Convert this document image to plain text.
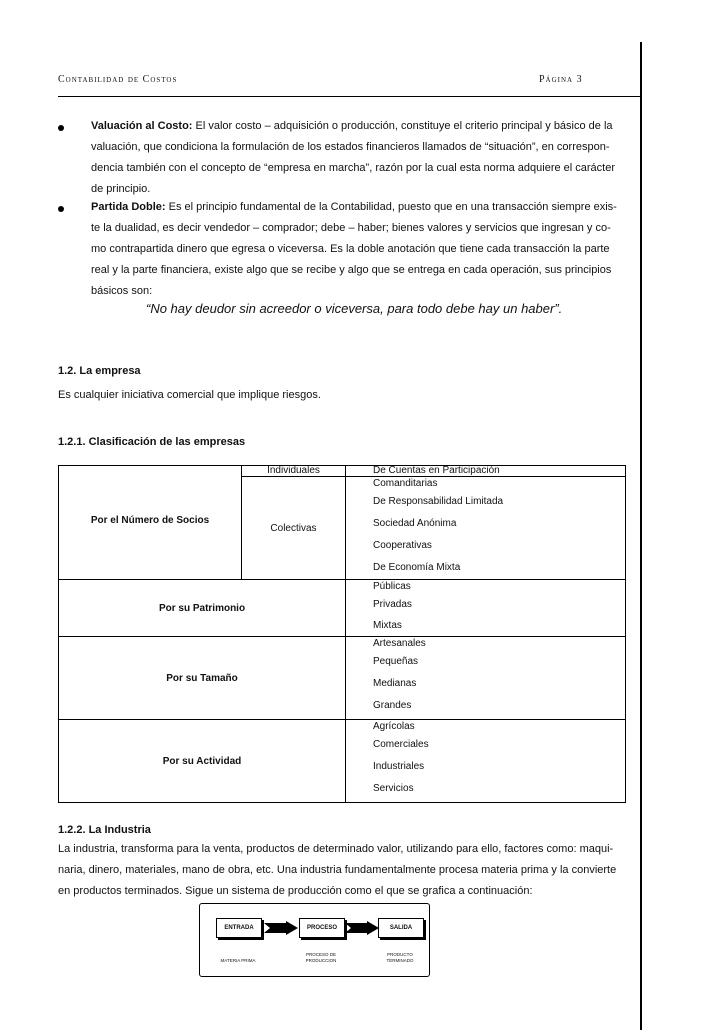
Contabilidad de Costos	Página 3
Valuación al Costo: El valor costo – adquisición o producción, constituye el criterio principal y básico de la
valuación, que condiciona la formulación de los estados financieros llamados de “situación”, en correspon-
dencia también con el concepto de “empresa en marcha”, razón por la cual esta norma adquiere el carácter
de principio.
Partida Doble: Es el principio fundamental de la Contabilidad, puesto que en una transacción siempre exis-
te la dualidad, es decir vendedor – comprador; debe – haber; bienes valores y servicios que ingresan y co-
mo contrapartida dinero que egresa o viceversa. Es la doble anotación que tiene cada transacción la parte
real y la parte financiera, existe algo que se recibe y algo que se entrega en cada operación, sus principios
básicos son:
“No hay deudor sin acreedor o viceversa, para todo debe hay un haber”.
1.2. La empresa
Es cualquier iniciativa comercial que implique riesgos.
1.2.1. Clasificación de las empresas
Por el Número de Socios	Individuales	De Cuentas en Participación
	Colectivas	Comanditarias
De Responsabilidad Limitada
Sociedad Anónima
Cooperativas
De Economía Mixta

Por su Patrimonio		Públicas
Privadas
Mixtas

Por su Tamaño		Artesanales
Pequeñas
Medianas
Grandes

Por su Actividad		Agrícolas
Comerciales
Industriales
Servicios
1.2.2. La Industria
La industria, transforma para la venta, productos de determinado valor, utilizando para ello, factores como: maqui-
naria, dinero, materiales, mano de obra, etc. Una industria fundamentalmente procesa materia prima y la convierte
en productos terminados. Sigue un sistema de producción como el que se grafica a continuación:
ENTRADA	PROCESO	SALIDA
MATERIA PRIMA
PROCESO DE
PRODUCCION
PRODUCTO
TERMINADO
